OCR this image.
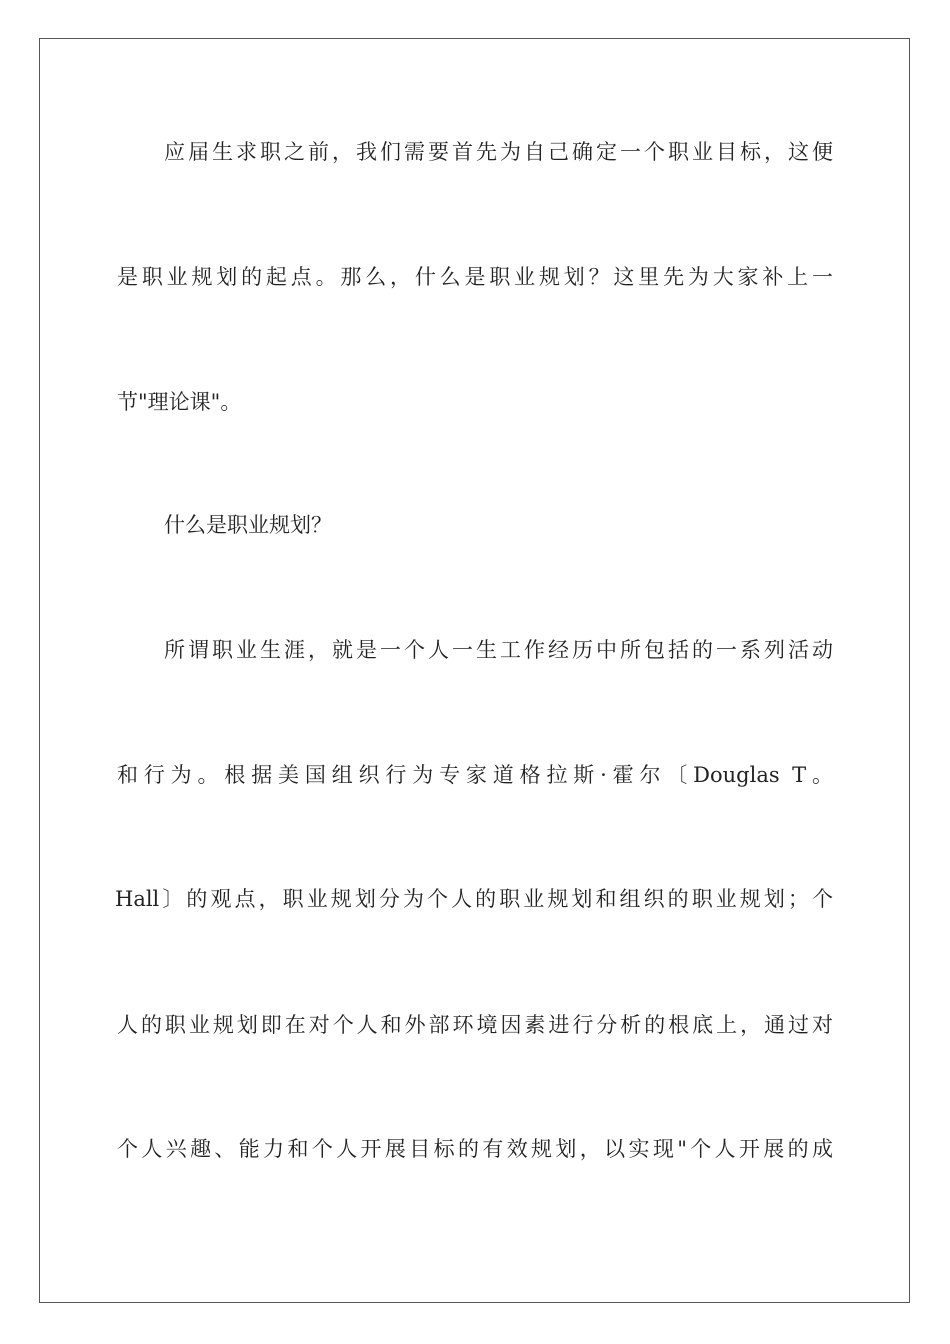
应届生求职之前，我们需要首先为自己确定一个职业目标，这便
是职业规划的起点。那么，什么是职业规划？这里先为大家补上一
节"理论课"。
什么是职业规划？
所谓职业生涯，就是一个人一生工作经历中所包括的一系列活动
和行为。根据美国组织行为专家道格拉斯·霍尔〔Douglas T。
Hall〕的观点，职业规划分为个人的职业规划和组织的职业规划；个
人的职业规划即在对个人和外部环境因素进行分析的根底上，通过对
个人兴趣、能力和个人开展目标的有效规划，以实现"个人开展的成
